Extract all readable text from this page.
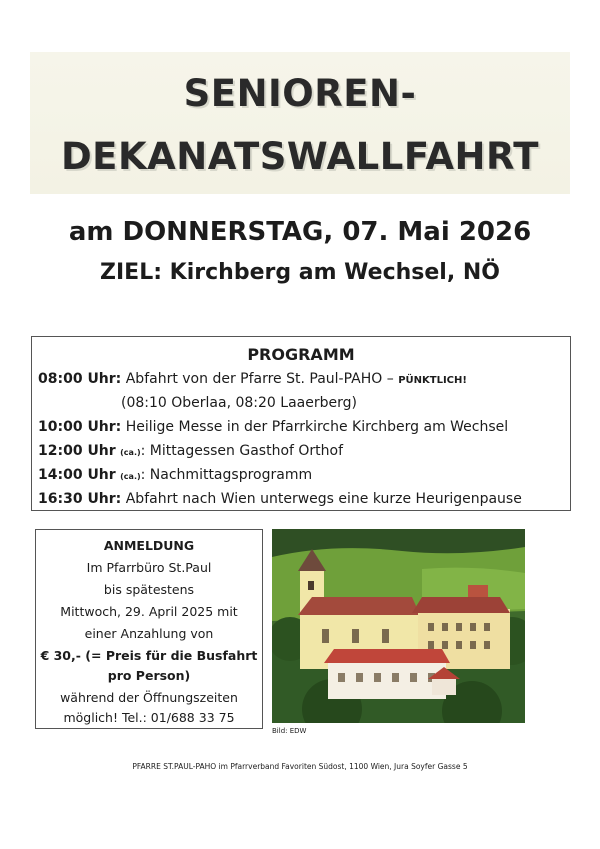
SENIOREN-
DEKANATSWALLFAHRT
am DONNERSTAG, 07. Mai 2026
ZIEL: Kirchberg am Wechsel, NÖ
PROGRAMM
08:00 Uhr: Abfahrt von der Pfarre St. Paul-PAHO – PÜNKTLICH!
(08:10 Oberlaa, 08:20 Laaerberg)
10:00 Uhr: Heilige Messe in der Pfarrkirche Kirchberg am Wechsel
12:00 Uhr (ca.): Mittagessen Gasthof Orthof
14:00 Uhr (ca.): Nachmittagsprogramm
16:30 Uhr: Abfahrt nach Wien unterwegs eine kurze Heurigenpause
ANMELDUNG
Im Pfarrbüro St.Paul
bis spätestens
Mittwoch, 29. April 2025 mit
einer Anzahlung von
€ 30,- (= Preis für die Busfahrt
pro Person)
während der Öffnungszeiten
möglich! Tel.: 01/688 33 75
Bild: EDW
PFARRE ST.PAUL-PAHO im Pfarrverband Favoriten Südost, 1100 Wien, Jura Soyfer Gasse 5
